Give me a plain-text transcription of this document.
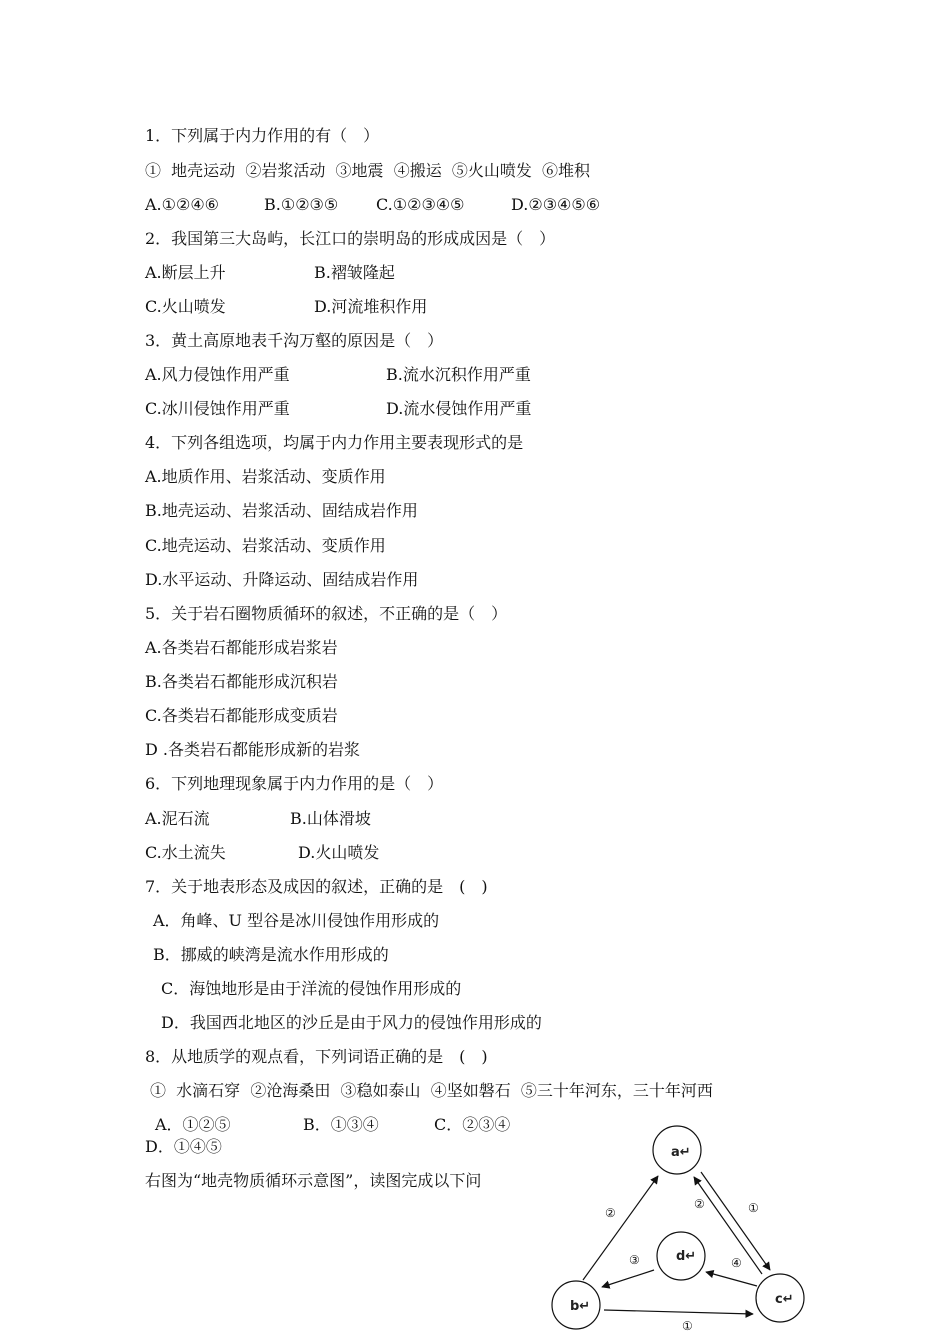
1．下列属于内力作用的有（　）
①  地壳运动  ②岩浆活动  ③地震  ④搬运  ⑤火山喷发  ⑥堆积
A.①②④⑥	B.①②③⑤ C.①②③④⑤	D.②③④⑤⑥
2．我国第三大岛屿，长江口的崇明岛的形成成因是（　）
A.断层上升	B.褶皱隆起
C.火山喷发	D.河流堆积作用
3．黄土高原地表千沟万壑的原因是（　）
A.风力侵蚀作用严重	B.流水沉积作用严重
C.冰川侵蚀作用严重	D.流水侵蚀作用严重
4．下列各组选项，均属于内力作用主要表现形式的是
A.地质作用、岩浆活动、变质作用
B.地壳运动、岩浆活动、固结成岩作用
C.地壳运动、岩浆活动、变质作用
D.水平运动、升降运动、固结成岩作用
5．关于岩石圈物质循环的叙述，不正确的是（　）
A.各类岩石都能形成岩浆岩
B.各类岩石都能形成沉积岩
C.各类岩石都能形成变质岩
D .各类岩石都能形成新的岩浆
6．下列地理现象属于内力作用的是（　）
A.泥石流	B.山体滑坡
C.水土流失	D.火山喷发
7．关于地表形态及成因的叙述，正确的是　(　)
A．角峰、U 型谷是冰川侵蚀作用形成的
B．挪威的峡湾是流水作用形成的
C．海蚀地形是由于洋流的侵蚀作用形成的
D．我国西北地区的沙丘是由于风力的侵蚀作用形成的
8．从地质学的观点看，下列词语正确的是　(　)
①  水滴石穿  ②沧海桑田  ③稳如泰山  ④坚如磐石  ⑤三十年河东，三十年河西
A．①②⑤	B．①③④	C．②③④
D．①④⑤
右图为“地壳物质循环示意图”，读图完成以下问
a↵
d↵
b↵	c↵
②
②	①
③	④
①
